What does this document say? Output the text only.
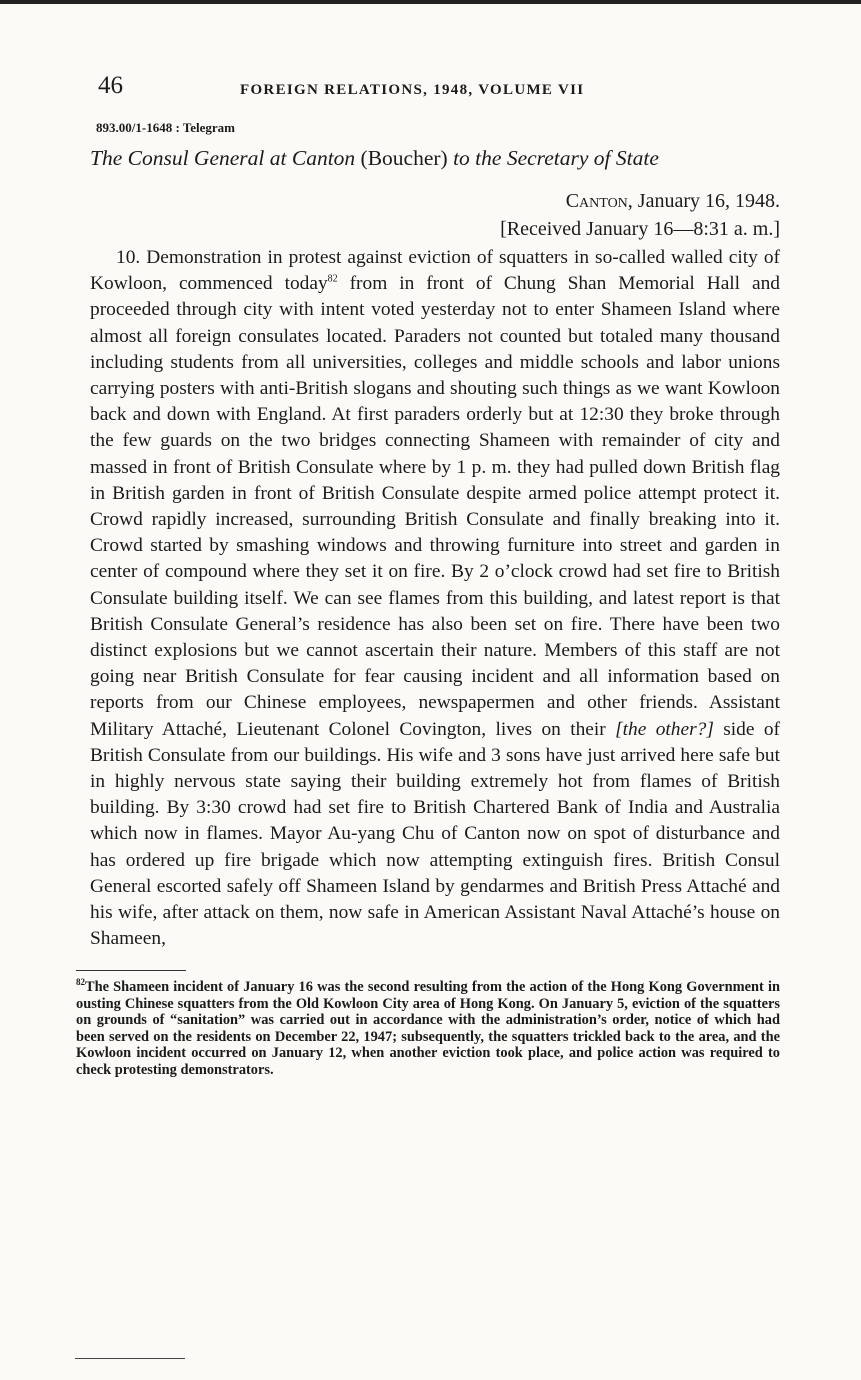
46	FOREIGN RELATIONS, 1948, VOLUME VII
893.00/1-1648 : Telegram
The Consul General at Canton (Boucher) to the Secretary of State
Canton, January 16, 1948.
[Received January 16—8:31 a. m.]

10. Demonstration in protest against eviction of squatters in so-called walled city of Kowloon, commenced today$^{82}$ from in front of Chung Shan Memorial Hall and proceeded through city with intent voted yesterday not to enter Shameen Island where almost all foreign consulates located. Paraders not counted but totaled many thousand including students from all universities, colleges and middle schools and labor unions carrying posters with anti-British slogans and shouting such things as we want Kowloon back and down with England. At first paraders orderly but at 12:30 they broke through the few guards on the two bridges connecting Shameen with remainder of city and massed in front of British Consulate where by 1 p. m. they had pulled down British flag in British garden in front of British Consulate despite armed police attempt protect it. Crowd rapidly increased, surrounding British Consulate and finally breaking into it. Crowd started by smashing windows and throwing furniture into street and garden in center of compound where they set it on fire. By 2 o’clock crowd had set fire to British Consulate building itself. We can see flames from this building, and latest report is that British Consulate General’s residence has also been set on fire. There have been two distinct explosions but we cannot ascertain their nature. Members of this staff are not going near British Consulate for fear causing incident and all information based on reports from our Chinese employees, newspapermen and other friends. Assistant Military Attaché, Lieutenant Colonel Covington, lives on their [the other?] side of British Consulate from our buildings. His wife and 3 sons have just arrived here safe but in highly nervous state saying their building extremely hot from flames of British building. By 3:30 crowd had set fire to British Chartered Bank of India and Australia which now in flames. Mayor Au-yang Chu of Canton now on spot of disturbance and has ordered up fire brigade which now attempting extinguish fires. British Consul General escorted safely off Shameen Island by gendarmes and British Press Attaché and his wife, after attack on them, now safe in American Assistant Naval Attaché’s house on Shameen,

$^{82}$The Shameen incident of January 16 was the second resulting from the action of the Hong Kong Government in ousting Chinese squatters from the Old Kowloon City area of Hong Kong. On January 5, eviction of the squatters on grounds of “sanitation” was carried out in accordance with the administration’s order, notice of which had been served on the residents on December 22, 1947; subsequently, the squatters trickled back to the area, and the Kowloon incident occurred on January 12, when another eviction took place, and police action was required to check protesting demonstrators.
